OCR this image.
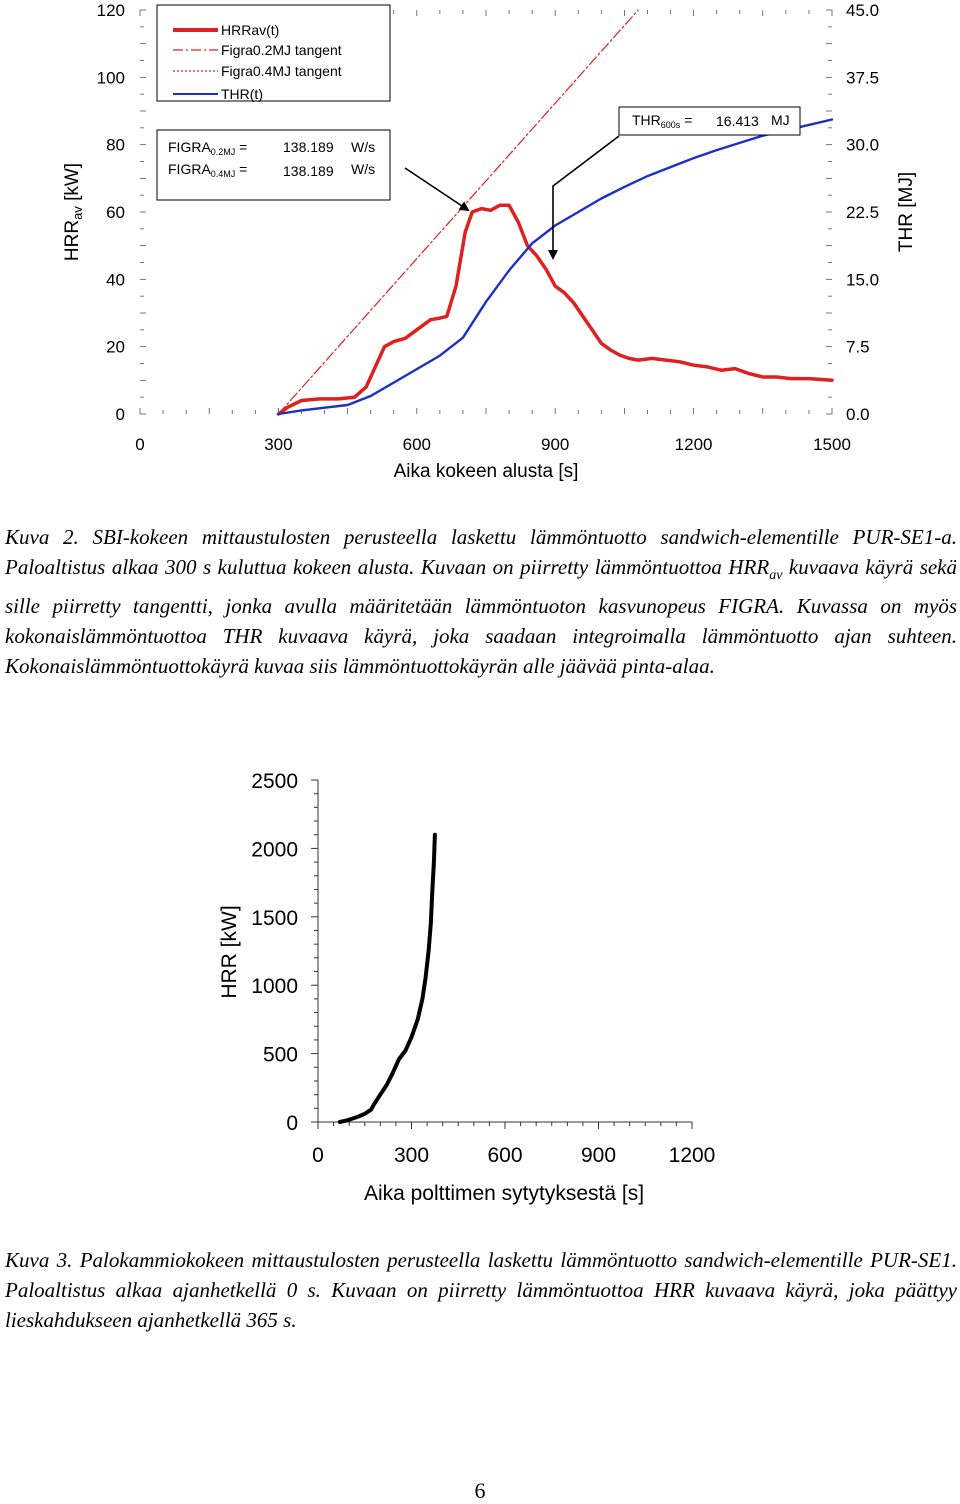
0	300	600	900	1200	1500
0
20
40
60
80
100
120
0.0
7.5
15.0
22.5
30.0
37.5
45.0
HRRav(t)
Figra0.2MJ tangent
Figra0.4MJ tangent
THR(t)
$FIGRA_{0.2MJ}$ =	138.189 W/s
$FIGRA_{0.4MJ}$ =	138.189 W/s
$THR_{600s} = 16.413$ MJ
$HRR_{av}$ [kW]	THR [MJ]
Aika kokeen alusta [s]

Kuva 2. SBI-kokeen mittaustulosten perusteella laskettu lämmöntuotto sandwich-elementille PUR-SE1-a. Paloaltistus alkaa 300 s kuluttua kokeen alusta. Kuvaan on piirretty lämmöntuottoa $HRR_{av}$ kuvaava käyrä sekä sille piirretty tangentti, jonka avulla määritetään lämmöntuoton kasvunopeus FIGRA. Kuvassa on myös kokonaislämmöntuottoa THR kuvaava käyrä, joka saadaan integroimalla lämmöntuotto ajan suhteen. Kokonaislämmöntuottokäyrä kuvaa siis lämmöntuottokäyrän alle jäävää pinta-alaa.

0	300	600	900	1200
0
500
1000
1500
2000
2500
HRR [kW]
Aika polttimen sytytyksestä [s]

Kuva 3. Palokammiokokeen mittaustulosten perusteella laskettu lämmöntuotto sandwich-elementille PUR-SE1. Paloaltistus alkaa ajanhetkellä 0 s. Kuvaan on piirretty lämmöntuottoa HRR kuvaava käyrä, joka päättyy lieskahdukseen ajanhetkellä 365 s.

6
